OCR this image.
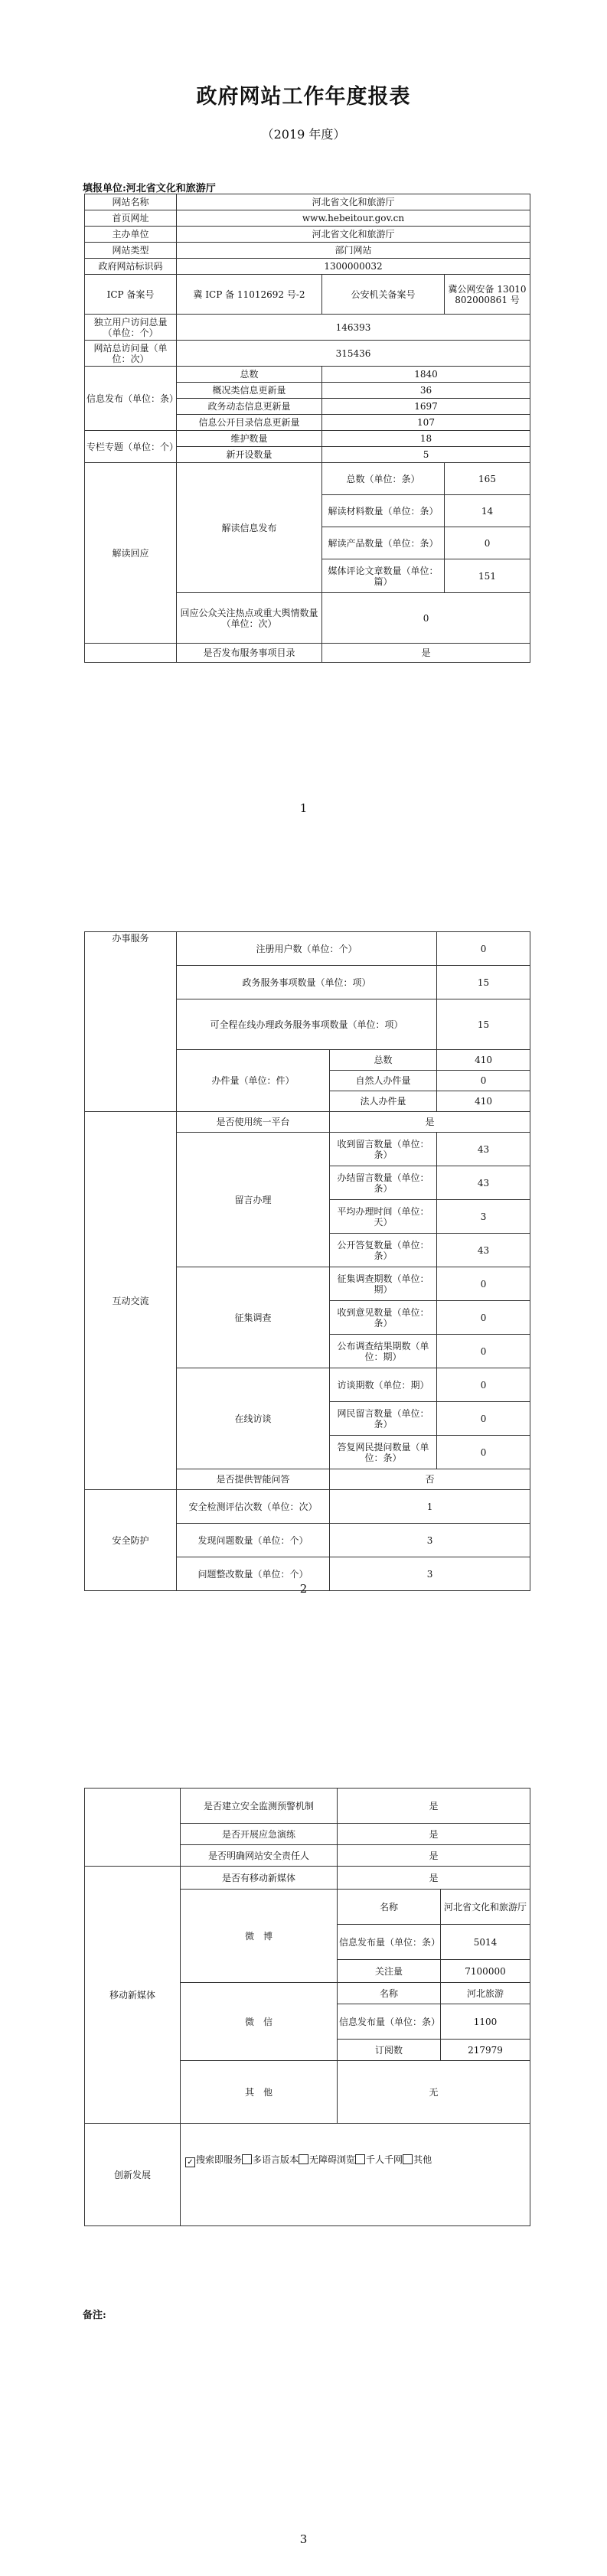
政府网站工作年度报表
（2019 年度）
填报单位:河北省文化和旅游厅
网站名称	河北省文化和旅游厅		
首页网址	www.hebeitour.gov.cn		
主办单位	河北省文化和旅游厅		
网站类型	部门网站		
政府网站标识码	1300000032		
ICP 备案号	冀 ICP 备 11012692 号-2	公安机关备案号	冀公网安备 13010802000861 号
独立用户访问总量（单位：个）	146393		
网站总访问量（单位：次）	315436		
信息发布（单位：条）	总数	1840	
	概况类信息更新量	36	
	政务动态信息更新量	1697	
	信息公开目录信息更新量	107	
专栏专题（单位：个）	维护数量	18	
	新开设数量	5	
解读回应	解读信息发布	总数（单位：条）	165
		解读材料数量（单位：条）	14
		解读产品数量（单位：条）	0
		媒体评论文章数量（单位：篇）	151
	回应公众关注热点或重大舆情数量（单位：次）	0	
	是否发布服务事项目录	是	
1
办事服务	注册用户数（单位：个）		0
	政务服务事项数量（单位：项）		15
	可全程在线办理政务服务事项数量（单位：项）		15
	办件量（单位：件）	总数	410
		自然人办件量	0
		法人办件量	410
互动交流	是否使用统一平台	是	
	留言办理	收到留言数量（单位：条）	43
		办结留言数量（单位：条）	43
		平均办理时间（单位：天）	3
		公开答复数量（单位：条）	43
	征集调查	征集调查期数（单位：期）	0
		收到意见数量（单位：条）	0
		公布调查结果期数（单位：期）	0
	在线访谈	访谈期数（单位：期）	0
		网民留言数量（单位：条）	0
		答复网民提问数量（单位：条）	0
	是否提供智能问答	否	
安全防护	安全检测评估次数（单位：次）	1	
	发现问题数量（单位：个）	3	
	问题整改数量（单位：个）	3	
2
	是否建立安全监测预警机制	是	
	是否开展应急演练	是	
	是否明确网站安全责任人	是	
移动新媒体	是否有移动新媒体	是	
	微　博	名称	河北省文化和旅游厅
		信息发布量（单位：条）	5014
		关注量	7100000
	微　信	名称	河北旅游
		信息发布量（单位：条）	1100
		订阅数	217979
	其　他	无	
创新发展	✓ 搜索即服务 多语言版本 无障碍浏览 千人千网 其他		
备注:
3
